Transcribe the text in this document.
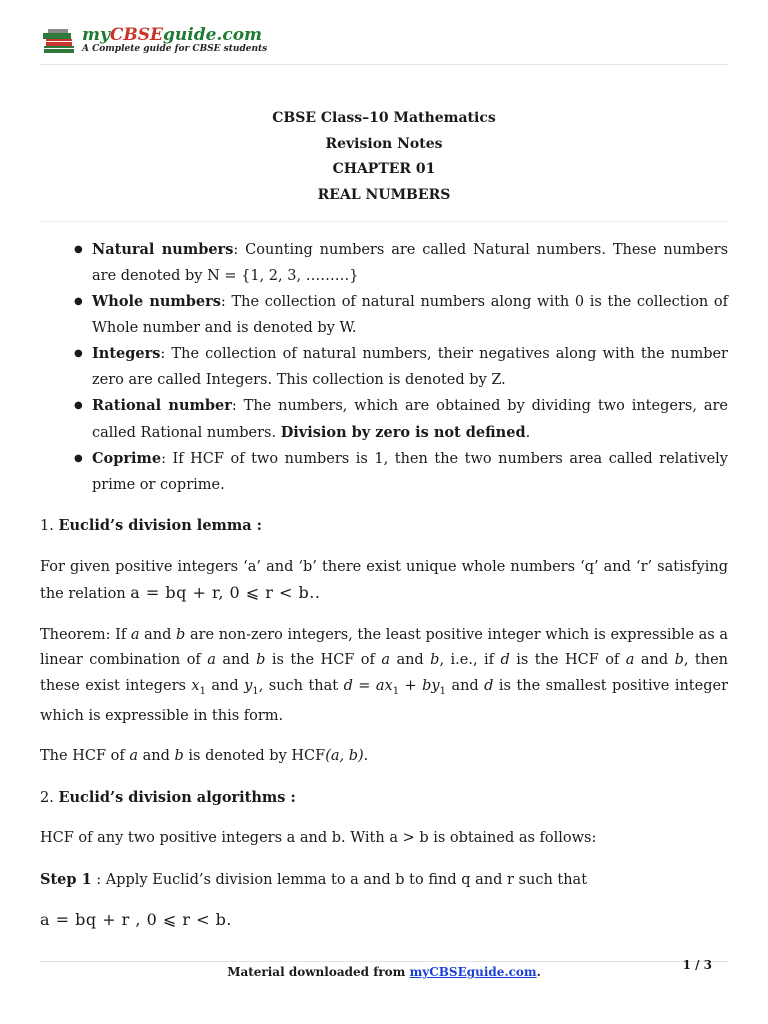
myCBSEguide.com
A Complete guide for CBSE students
CBSE Class–10 Mathematics
Revision Notes
CHAPTER 01
REAL NUMBERS
● Natural numbers: Counting numbers are called Natural numbers. These numbers are denoted by N = {1, 2, 3, ………}
● Whole numbers: The collection of natural numbers along with 0 is the collection of Whole number and is denoted by W.
● Integers: The collection of natural numbers, their negatives along with the number zero are called Integers. This collection is denoted by Z.
● Rational number: The numbers, which are obtained by dividing two integers, are called Rational numbers. Division by zero is not defined.
● Coprime: If HCF of two numbers is 1, then the two numbers area called relatively prime or coprime.

1. Euclid’s division lemma :

For given positive integers ‘a’ and ‘b’ there exist unique whole numbers ‘q’ and ‘r’ satisfying the relation a = bq + r, 0 ⩽ r < b..

Theorem: If a and b are non-zero integers, the least positive integer which is expressible as a linear combination of a and b is the HCF of a and b, i.e., if d is the HCF of a and b, then these exist integers $x_1$ and $y_1$, such that $d = ax_1 + by_1$ and d is the smallest positive integer which is expressible in this form.

The HCF of a and b is denoted by HCF(a, b).

2. Euclid’s division algorithms :

HCF of any two positive integers a and b. With a > b is obtained as follows:

Step 1 : Apply Euclid’s division lemma to a and b to find q and r such that

a = bq + r , 0 ⩽ r < b.

Material downloaded from myCBSEguide.com.	1 / 3
